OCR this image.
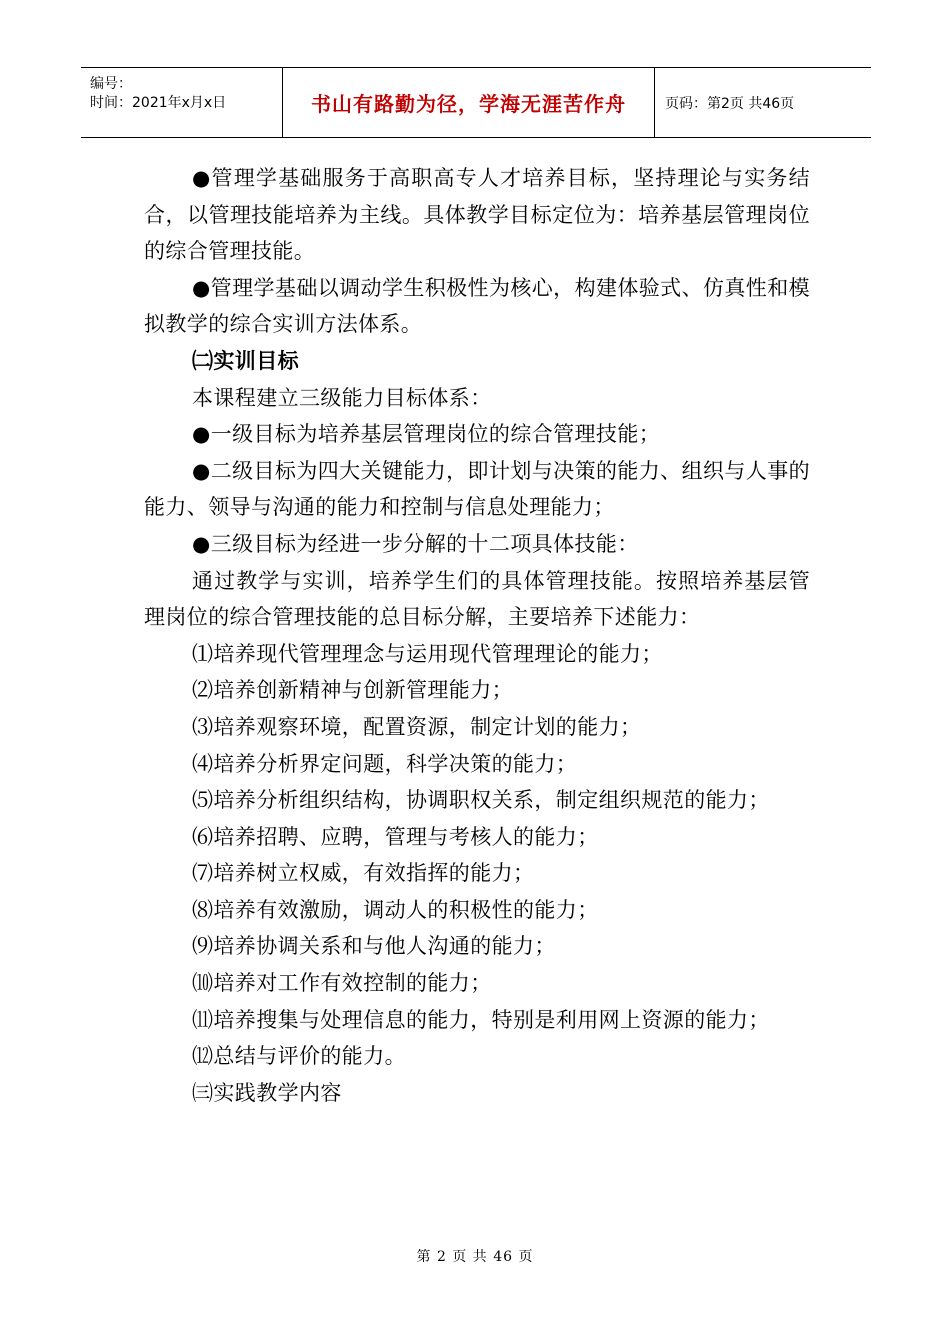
编号：
时间：2021年x月x日	书山有路勤为径，学海无涯苦作舟	页码：第2页 共46页

●管理学基础服务于高职高专人才培养目标，坚持理论与实务结合，以管理技能培养为主线。具体教学目标定位为：培养基层管理岗位的综合管理技能。

●管理学基础以调动学生积极性为核心，构建体验式、仿真性和模拟教学的综合实训方法体系。

㈡实训目标

本课程建立三级能力目标体系：

●一级目标为培养基层管理岗位的综合管理技能；

●二级目标为四大关键能力，即计划与决策的能力、组织与人事的能力、领导与沟通的能力和控制与信息处理能力；

●三级目标为经进一步分解的十二项具体技能：

通过教学与实训，培养学生们的具体管理技能。按照培养基层管理岗位的综合管理技能的总目标分解，主要培养下述能力：

⑴培养现代管理理念与运用现代管理理论的能力；

⑵培养创新精神与创新管理能力；

⑶培养观察环境，配置资源，制定计划的能力；

⑷培养分析界定问题，科学决策的能力；

⑸培养分析组织结构，协调职权关系，制定组织规范的能力；

⑹培养招聘、应聘，管理与考核人的能力；

⑺培养树立权威，有效指挥的能力；

⑻培养有效激励，调动人的积极性的能力；

⑼培养协调关系和与他人沟通的能力；

⑽培养对工作有效控制的能力；

⑾培养搜集与处理信息的能力，特别是利用网上资源的能力；

⑿总结与评价的能力。

㈢实践教学内容

第 2 页 共 46 页
